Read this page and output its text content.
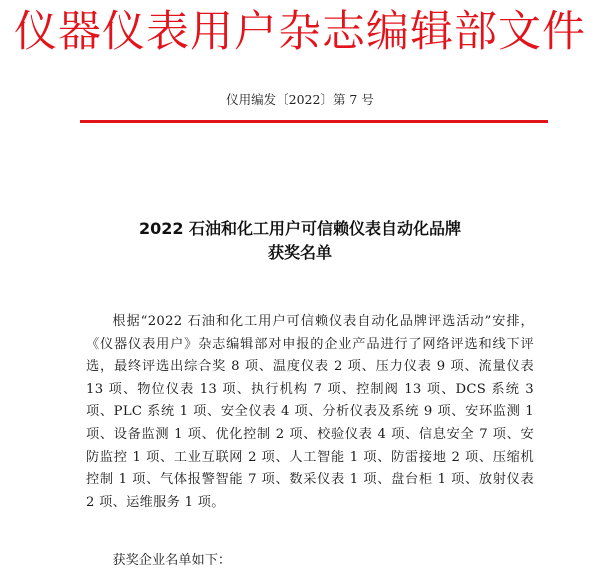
仪器仪表用户杂志编辑部文件
仪用编发〔2022〕第 7 号
2022 石油和化工用户可信赖仪表自动化品牌
获奖名单

根据“2022 石油和化工用户可信赖仪表自动化品牌评选活动”安排，《仪器仪表用户》杂志编辑部对申报的企业产品进行了网络评选和线下评选，最终评选出综合奖 8 项、温度仪表 2 项、压力仪表 9 项、流量仪表 13 项、物位仪表 13 项、执行机构 7 项、控制阀 13 项、DCS 系统 3 项、PLC 系统 1 项、安全仪表 4 项、分析仪表及系统 9 项、安环监测 1 项、设备监测 1 项、优化控制 2 项、校验仪表 4 项、信息安全 7 项、安防监控 1 项、工业互联网 2 项、人工智能 1 项、防雷接地 2 项、压缩机控制 1 项、气体报警智能 7 项、数采仪表 1 项、盘台柜 1 项、放射仪表 2 项、运维服务 1 项。

获奖企业名单如下：
